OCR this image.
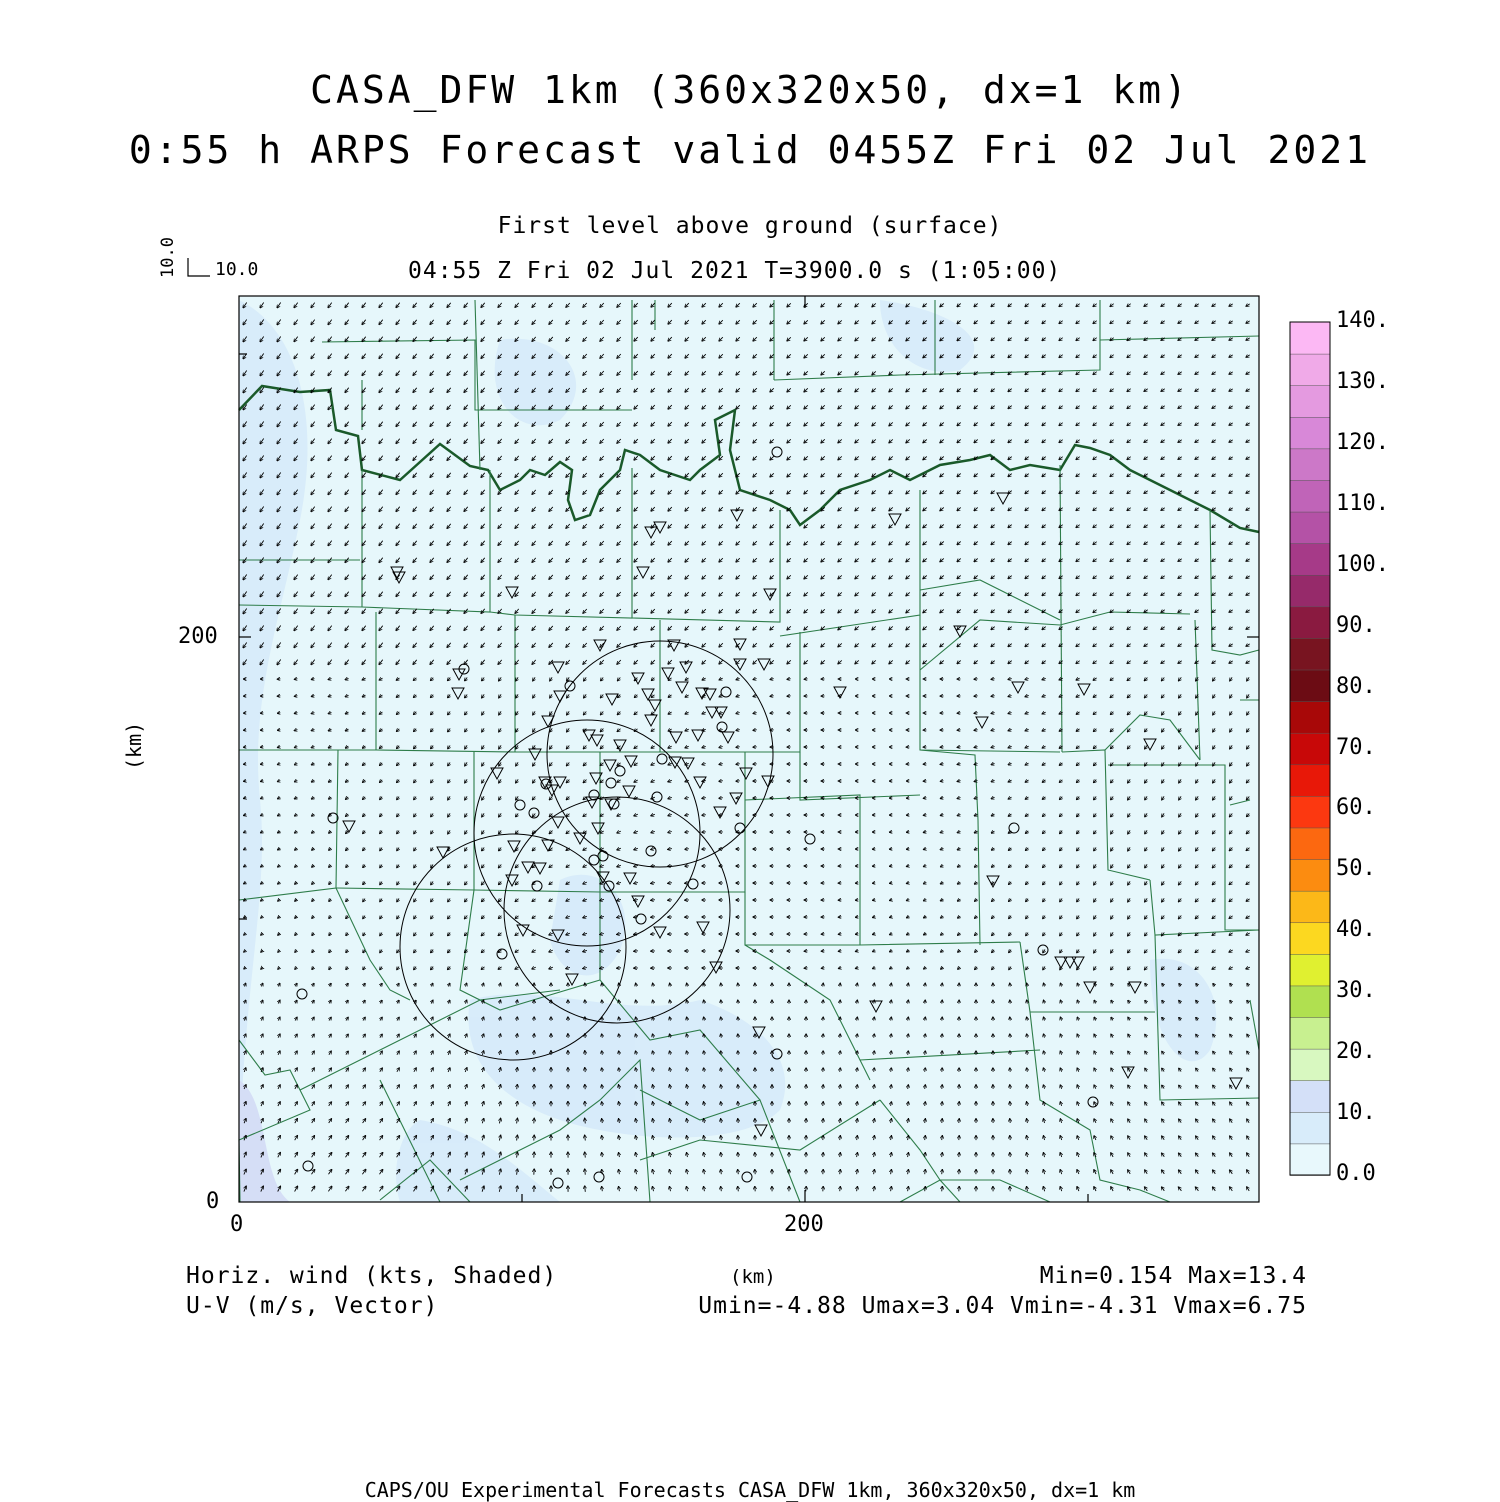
CASA_DFW 1km (360x320x50, dx=1 km)
0:55 h ARPS Forecast valid 0455Z Fri 02 Jul 2021
First level above ground (surface)
04:55 Z Fri 02 Jul 2021 T=3900.0 s (1:05:00)
10.0 10.0
200
0
0	200
(km)
0.0
10.
20.
30.
40.
50.
60.
70.
80.
90.
100.
110.
120.
130.
140.
Horiz. wind (kts, Shaded)
U-V (m/s, Vector)
(km)	Min=0.154 Max=13.4
Umin=-4.88 Umax=3.04 Vmin=-4.31 Vmax=6.75
CAPS/OU Experimental Forecasts CASA_DFW 1km, 360x320x50, dx=1 km
